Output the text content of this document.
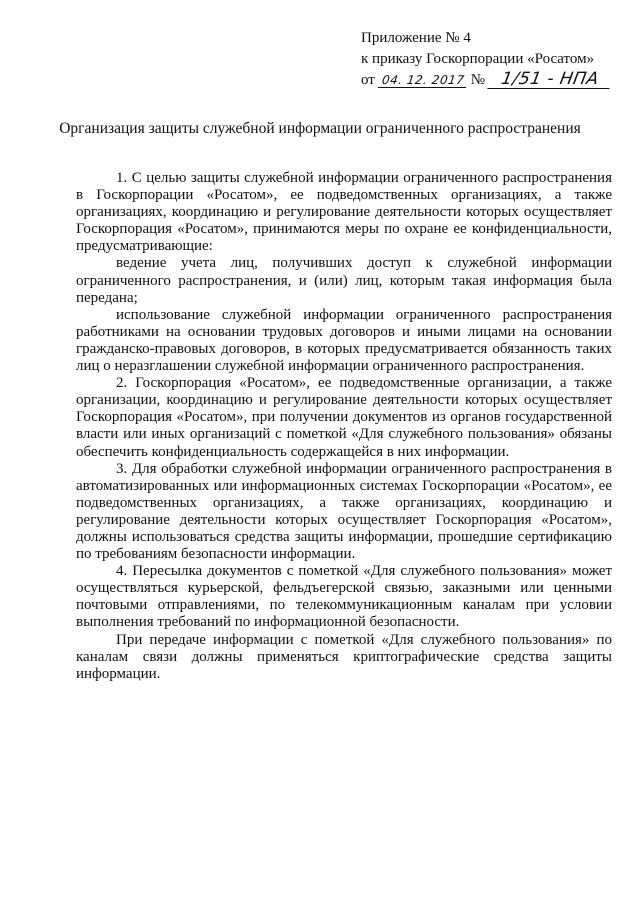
Приложение № 4
к приказу Госкорпорации «Росатом»
от 04. 12. 2017 № 1/51 - НПА
Организация защиты служебной информации ограниченного распространения

1. С целью защиты служебной информации ограниченного распространения в Госкорпорации «Росатом», ее подведомственных организациях, а также организациях, координацию и регулирование деятельности которых осуществляет Госкорпорация «Росатом», принимаются меры по охране ее конфиденциальности, предусматривающие:

ведение учета лиц, получивших доступ к служебной информации ограниченного распространения, и (или) лиц, которым такая информация была передана;

использование служебной информации ограниченного распространения работниками на основании трудовых договоров и иными лицами на основании гражданско-правовых договоров, в которых предусматривается обязанность таких лиц о неразглашении служебной информации ограниченного распространения.

2. Госкорпорация «Росатом», ее подведомственные организации, а также организации, координацию и регулирование деятельности которых осуществляет Госкорпорация «Росатом», при получении документов из органов государственной власти или иных организаций с пометкой «Для служебного пользования» обязаны обеспечить конфиденциальность содержащейся в них информации.

3. Для обработки служебной информации ограниченного распространения в автоматизированных или информационных системах Госкорпорации «Росатом», ее подведомственных организациях, а также организациях, координацию и регулирование деятельности которых осуществляет Госкорпорация «Росатом», должны использоваться средства защиты информации, прошедшие сертификацию по требованиям безопасности информации.

4. Пересылка документов с пометкой «Для служебного пользования» может осуществляться курьерской, фельдъегерской связью, заказными или ценными почтовыми отправлениями, по телекоммуникационным каналам при условии выполнения требований по информационной безопасности.

При передаче информации с пометкой «Для служебного пользования» по каналам связи должны применяться криптографические средства защиты информации.
